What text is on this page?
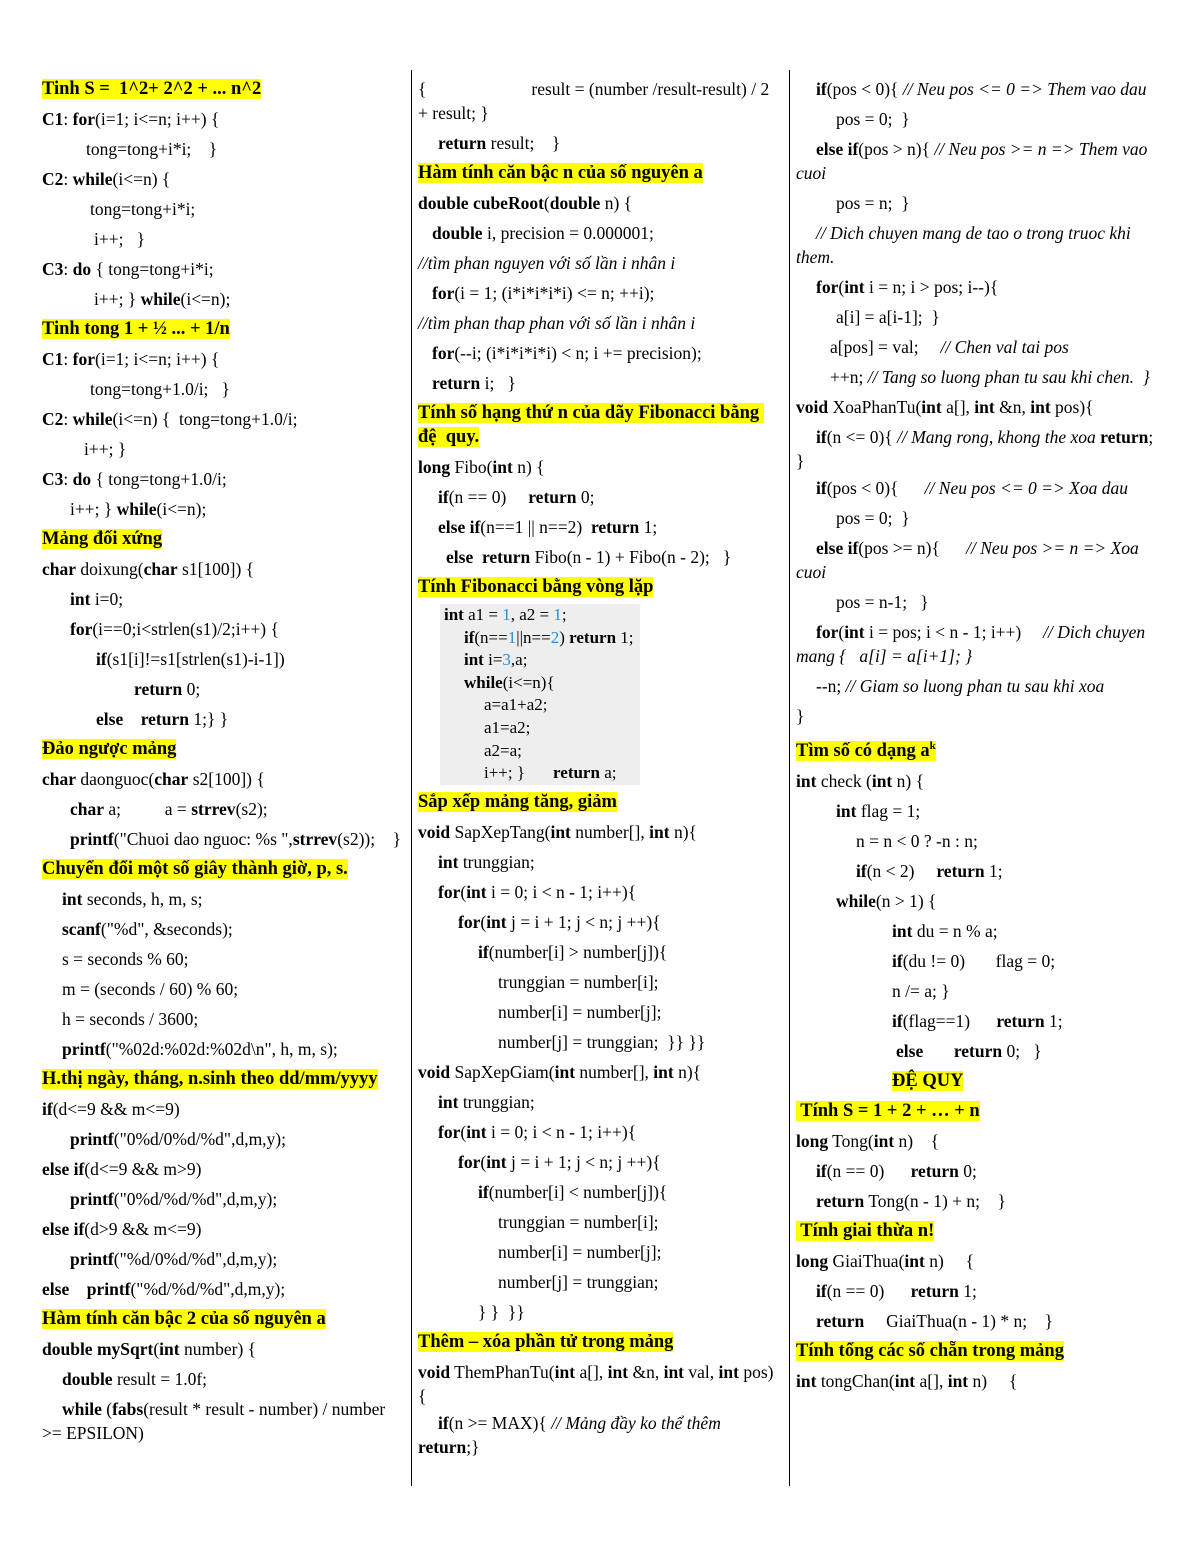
Tinh S =  1^2+ 2^2 + ... n^2
C1: for(i=1; i<=n; i++) {
tong=tong+i*i;    }
C2: while(i<=n) {
tong=tong+i*i;
i++;   }
C3: do { tong=tong+i*i;
i++; } while(i<=n);
Tinh tong 1 + ½ ... + 1/n
C1: for(i=1; i<=n; i++) {
tong=tong+1.0/i;   }
C2: while(i<=n) {  tong=tong+1.0/i;
i++; }
C3: do { tong=tong+1.0/i;
i++; } while(i<=n);
Mảng đối xứng
char doixung(char s1[100]) {
int i=0;
for(i==0;i<strlen(s1)/2;i++) {
if(s1[i]!=s1[strlen(s1)-i-1])
return 0;
else return 1;} }
Đảo ngược mảng
char daonguoc(char s2[100]) {
char a;          a = strrev(s2);
printf("Chuoi dao nguoc: %s ",strrev(s2));    }
Chuyển đổi một số giây thành giờ, p, s.
int seconds, h, m, s;
scanf("%d", &seconds);
s = seconds % 60;
m = (seconds / 60) % 60;
h = seconds / 3600;
printf("%02d:%02d:%02d\n", h, m, s);
H.thị ngày, tháng, n.sinh theo dd/mm/yyyy
if(d<=9 && m<=9)
printf("0%d/0%d/%d",d,m,y);
else if(d<=9 && m>9)
printf("0%d/%d/%d",d,m,y);
else if(d>9 && m<=9)
printf("%d/0%d/%d",d,m,y);
else printf("%d/%d/%d",d,m,y);
Hàm tính căn bậc 2 của số nguyên a
double mySqrt(int number) {
double result = 1.0f;
while (fabs(result * result - number) / number >= EPSILON)
{                        result = (number /result-result) / 2 + result; }
return result;    }
Hàm tính căn bậc n của số nguyên a
double cubeRoot(double n) {
double i, precision = 0.000001;
//tìm phan nguyen với số lần i nhân i
for(i = 1; (i*i*i*i*i) <= n; ++i);
//tìm phan thap phan với số lần i nhân i
for(--i; (i*i*i*i*i) < n; i += precision);
return i;   }
Tính số hạng thứ n của dãy Fibonacci bằng đệ  quy.
long Fibo(int n) {
if(n == 0)     return 0;
else if(n==1 || n==2)  return 1;
else return Fibo(n - 1) + Fibo(n - 2);   }
Tính Fibonacci bằng vòng lặp
int a1 = 1, a2 = 1;
if(n==1||n==2) return 1;
int i=3,a;
while(i<=n){
a=a1+a2;
a1=a2;
a2=a;
i++; } return a;
Sắp xếp mảng tăng, giảm
void SapXepTang(int number[], int n){
int trunggian;
for(int i = 0; i < n - 1; i++){
for(int j = i + 1; j < n; j ++){
if(number[i] > number[j]){
trunggian = number[i];
number[i] = number[j];
number[j] = trunggian;  }} }}
void SapXepGiam(int number[], int n){
int trunggian;
for(int i = 0; i < n - 1; i++){
for(int j = i + 1; j < n; j ++){
if(number[i] < number[j]){
trunggian = number[i];
number[i] = number[j];
number[j] = trunggian;
} }  }}
Thêm – xóa phần tử trong mảng
void ThemPhanTu(int a[], int &n, int val, int pos){
if(n >= MAX){ // Mảng đầy ko thể thêm return;}
if(pos < 0){ // Neu pos <= 0 => Them vao dau
pos = 0;  }
else if(pos > n){ // Neu pos >= n => Them vao cuoi
pos = n;  }
// Dich chuyen mang de tao o trong truoc khi them.
for(int i = n; i > pos; i--){
a[i] = a[i-1];  }
a[pos] = val;     // Chen val tai pos
++n; // Tang so luong phan tu sau khi chen.  }
void XoaPhanTu(int a[], int &n, int pos){
if(n <= 0){ // Mang rong, khong the xoa return; }
if(pos < 0){      // Neu pos <= 0 => Xoa dau
pos = 0;  }
else if(pos >= n){      // Neu pos >= n => Xoa cuoi
pos = n-1;   }
for(int i = pos; i < n - 1; i++)     // Dich chuyen mang {   a[i] = a[i+1]; }
--n; // Giam so luong phan tu sau khi xoa
}
Tìm số có dạng $a^k$
int check (int n) {
int flag = 1;
n = n < 0 ? -n : n;
if(n < 2)     return 1;
while(n > 1) {
int du = n % a;
if(du != 0)       flag = 0;
n /= a; }
if(flag==1)      return 1;
else return 0;   }
ĐỆ QUY
Tính S = 1 + 2 + … + n
long Tong(int n)    {
if(n == 0)      return 0;
return Tong(n - 1) + n;    }
Tính giai thừa n!
long GiaiThua(int n)     {
if(n == 0)      return 1;
return     GiaiThua(n - 1) * n;    }
Tính tổng các số chẵn trong mảng
int tongChan(int a[], int n)     {
